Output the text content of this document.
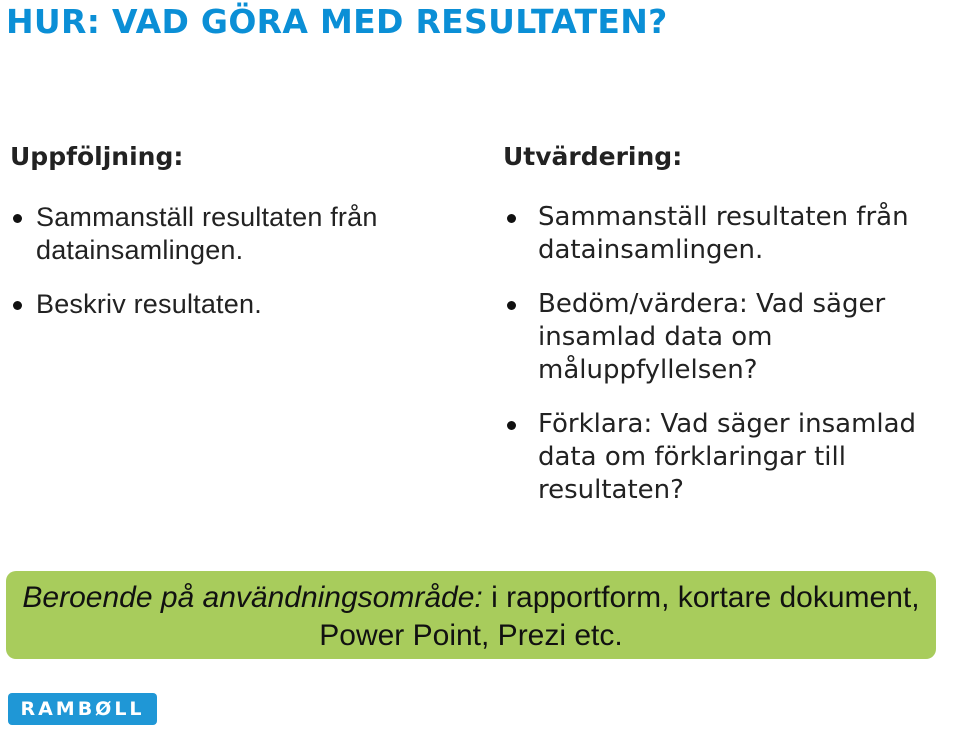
HUR: VAD GÖRA MED RESULTATEN?
Uppföljning:
Sammanställ resultaten från datainsamlingen.
Beskriv resultaten.
Utvärdering:
Sammanställ resultaten från datainsamlingen.
Bedöm/värdera: Vad säger insamlad data om måluppfyllelsen?
Förklara: Vad säger insamlad data om förklaringar till resultaten?
Beroende på användningsområde: i rapportform, kortare dokument, Power Point, Prezi etc.
RAMBØLL
